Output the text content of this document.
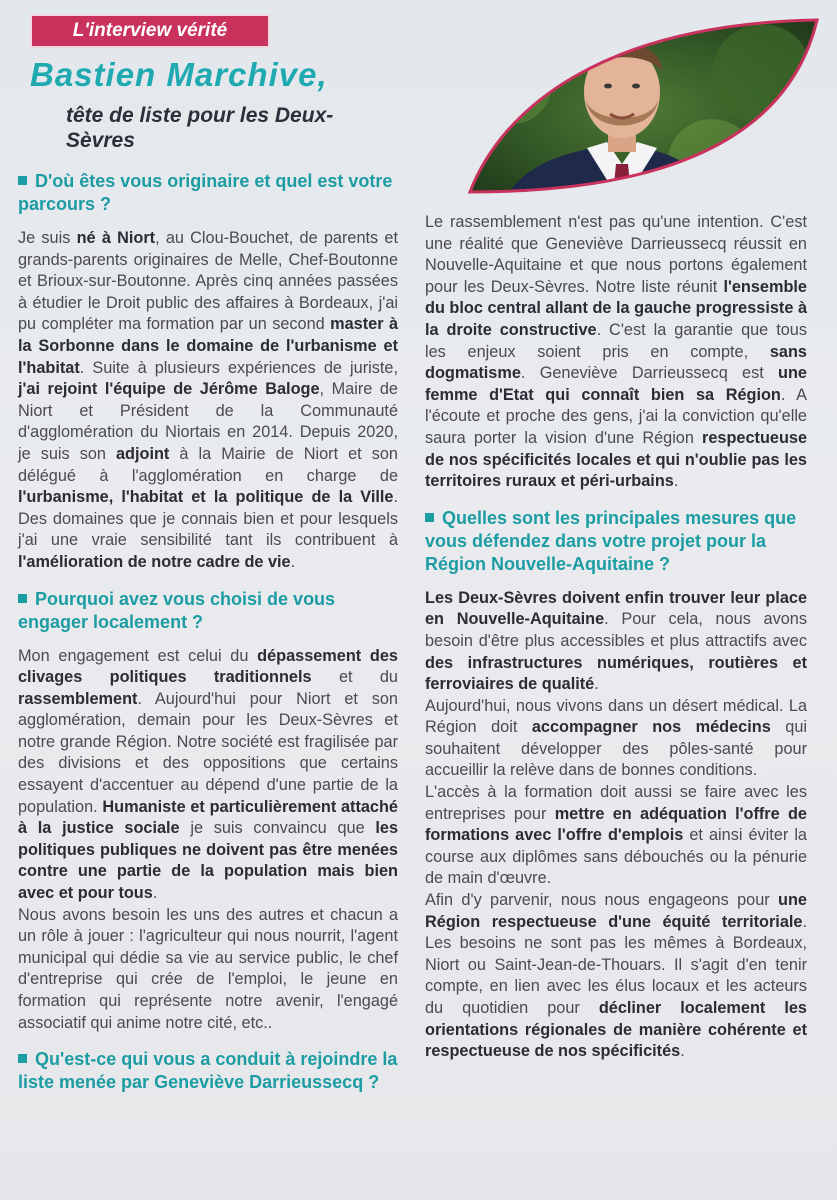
L'interview vérité
Bastien Marchive,
tête de liste pour les Deux-Sèvres
D'où êtes vous originaire et quel est votre parcours ?

Je suis né à Niort, au Clou-Bouchet, de parents et grands-parents originaires de Melle, Chef-Boutonne et Brioux-sur-Boutonne. Après cinq années passées à étudier le Droit public des affaires à Bordeaux, j'ai pu compléter ma formation par un second master à la Sorbonne dans le domaine de l'urbanisme et l'habitat. Suite à plusieurs expériences de juriste, j'ai rejoint l'équipe de Jérôme Baloge, Maire de Niort et Président de la Communauté d'agglomération du Niortais en 2014. Depuis 2020, je suis son adjoint à la Mairie de Niort et son délégué à l'agglomération en charge de l'urbanisme, l'habitat et la politique de la Ville. Des domaines que je connais bien et pour lesquels j'ai une vraie sensibilité tant ils contribuent à l'amélioration de notre cadre de vie.

Pourquoi avez vous choisi de vous engager localement ?

Mon engagement est celui du dépassement des clivages politiques traditionnels et du rassemblement. Aujourd'hui pour Niort et son agglomération, demain pour les Deux-Sèvres et notre grande Région. Notre société est fragilisée par des divisions et des oppositions que certains essayent d'accentuer au dépend d'une partie de la population. Humaniste et particulièrement attaché à la justice sociale je suis convaincu que les politiques publiques ne doivent pas être menées contre une partie de la population mais bien avec et pour tous.

Nous avons besoin les uns des autres et chacun a un rôle à jouer : l'agriculteur qui nous nourrit, l'agent municipal qui dédie sa vie au service public, le chef d'entreprise qui crée de l'emploi, le jeune en formation qui représente notre avenir, l'engagé associatif qui anime notre cité, etc..

Qu'est-ce qui vous a conduit à rejoindre la liste menée par Geneviève Darrieussecq ?

Le rassemblement n'est pas qu'une intention. C'est une réalité que Geneviève Darrieussecq réussit en Nouvelle-Aquitaine et que nous portons également pour les Deux-Sèvres. Notre liste réunit l'ensemble du bloc central allant de la gauche progressiste à la droite constructive. C'est la garantie que tous les enjeux soient pris en compte, sans dogmatisme. Geneviève Darrieussecq est une femme d'Etat qui connaît bien sa Région. A l'écoute et proche des gens, j'ai la conviction qu'elle saura porter la vision d'une Région respectueuse de nos spécificités locales et qui n'oublie pas les territoires ruraux et péri-urbains.

Quelles sont les principales mesures que vous défendez dans votre projet pour la Région Nouvelle-Aquitaine ?

Les Deux-Sèvres doivent enfin trouver leur place en Nouvelle-Aquitaine. Pour cela, nous avons besoin d'être plus accessibles et plus attractifs avec des infrastructures numériques, routières et ferroviaires de qualité.

Aujourd'hui, nous vivons dans un désert médical. La Région doit accompagner nos médecins qui souhaitent développer des pôles-santé pour accueillir la relève dans de bonnes conditions.

L'accès à la formation doit aussi se faire avec les entreprises pour mettre en adéquation l'offre de formations avec l'offre d'emplois et ainsi éviter la course aux diplômes sans débouchés ou la pénurie de main d'œuvre.

Afin d'y parvenir, nous nous engageons pour une Région respectueuse d'une équité territoriale. Les besoins ne sont pas les mêmes à Bordeaux, Niort ou Saint-Jean-de-Thouars. Il s'agit d'en tenir compte, en lien avec les élus locaux et les acteurs du quotidien pour décliner localement les orientations régionales de manière cohérente et respectueuse de nos spécificités.
